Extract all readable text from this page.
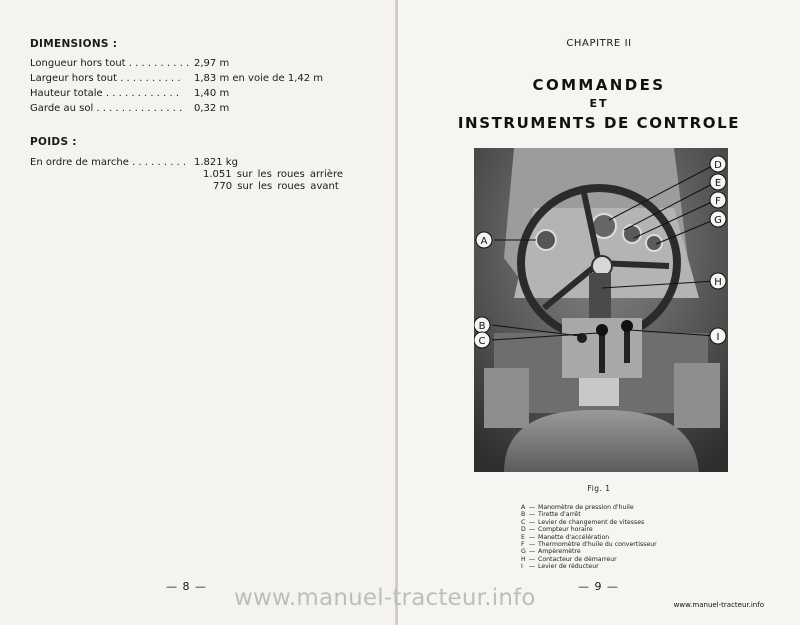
DIMENSIONS :
Longueur hors tout . . . . . . . . . . 2,97 m
Largeur hors tout . . . . . . . . . . 1,83 m en voie de 1,42 m
Hauteur totale . . . . . . . . . . . . 1,40 m
Garde au sol . . . . . . . . . . . . . . 0,32 m
POIDS :
En ordre de marche . . . . . . . . . 1.821 kg
1.051 sur les roues arrière
770 sur les roues avant
— 8 —
CHAPITRE II
COMMANDES
ET
INSTRUMENTS DE CONTROLE
A
B
C
D
E
F
G
H
I
Fig. 1
A — Manomètre de pression d'huile
B — Tirette d'arrêt
C — Levier de changement de vitesses
D — Compteur horaire
E — Manette d'accélération
F — Thermomètre d'huile du convertisseur
G — Ampèremètre
H — Contacteur de démarreur
I — Levier de réducteur
— 9 —
www.manuel-tracteur.info
www.manuel-tracteur.info
